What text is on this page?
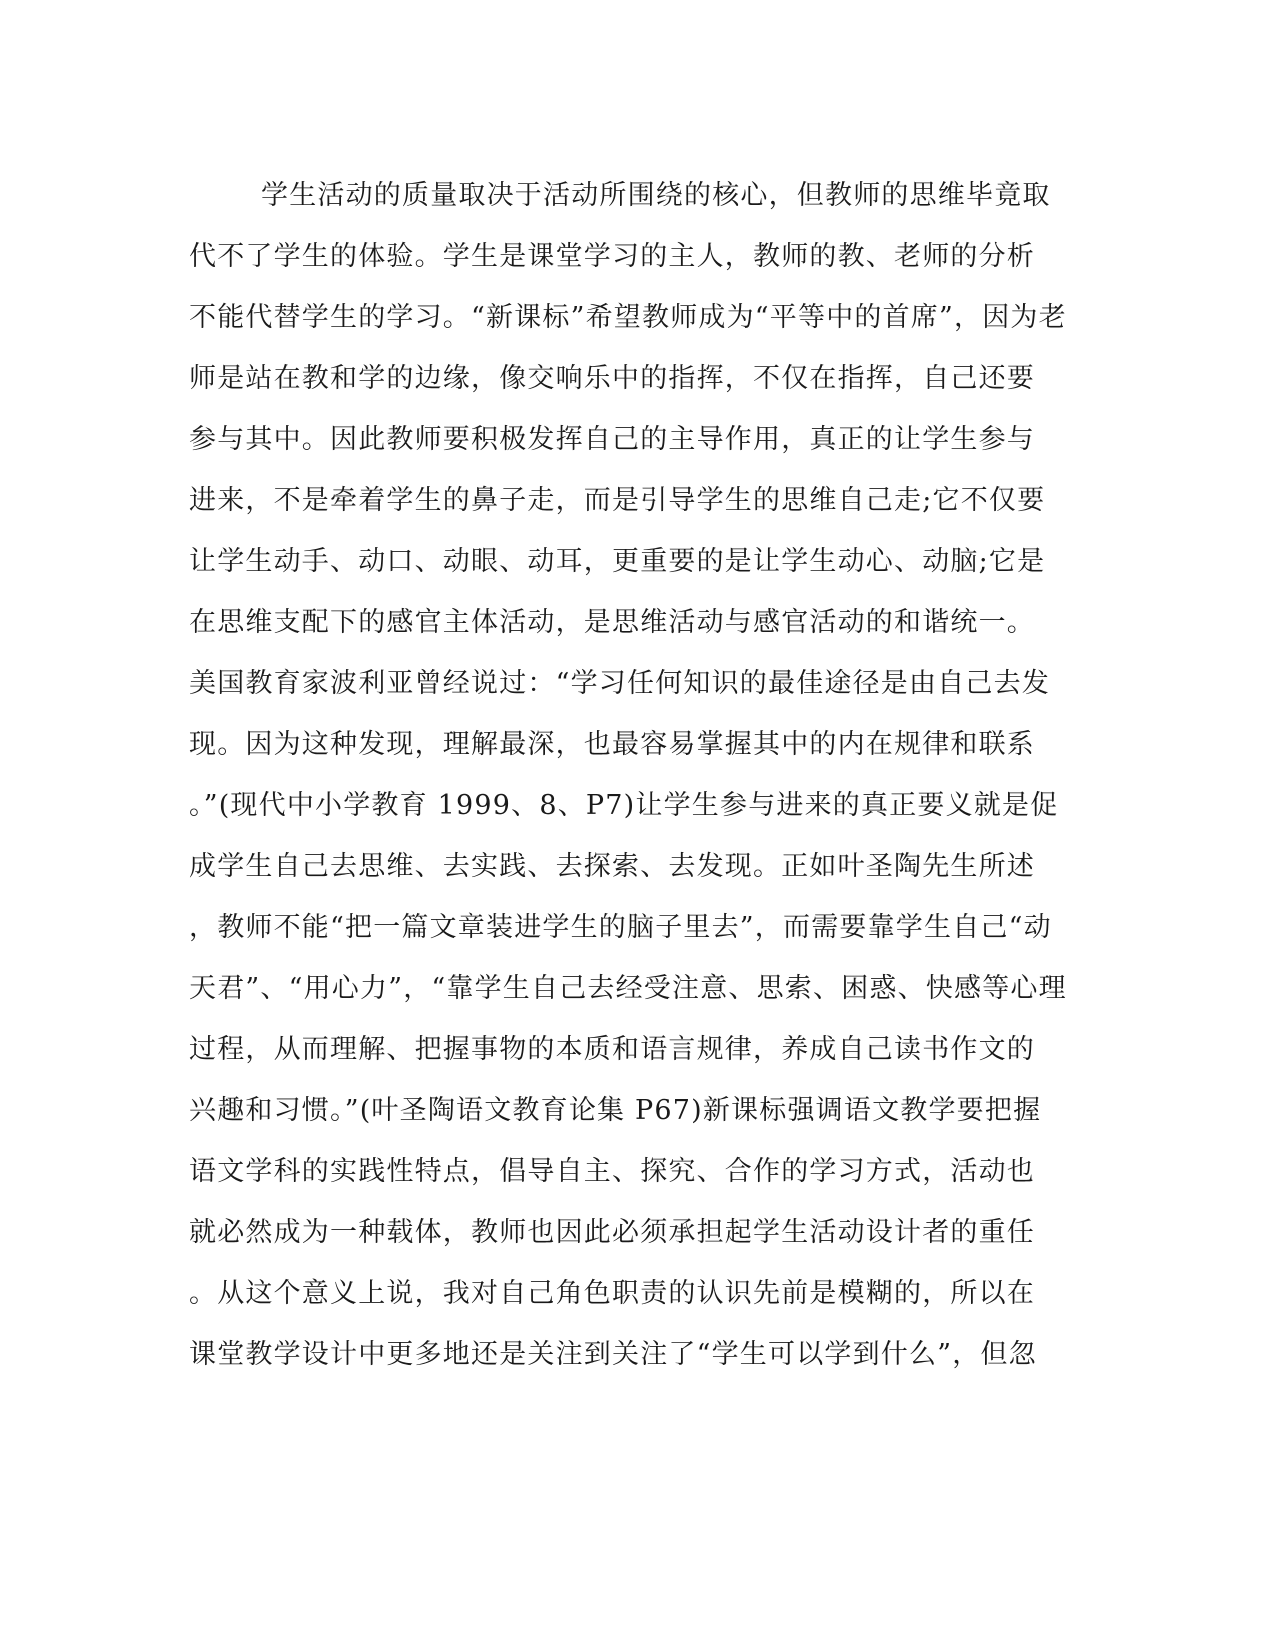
学生活动的质量取决于活动所围绕的核心，但教师的思维毕竟取
代不了学生的体验。学生是课堂学习的主人，教师的教、老师的分析
不能代替学生的学习。“新课标”希望教师成为“平等中的首席”，因为老
师是站在教和学的边缘，像交响乐中的指挥，不仅在指挥，自己还要
参与其中。因此教师要积极发挥自己的主导作用，真正的让学生参与
进来，不是牵着学生的鼻子走，而是引导学生的思维自己走;它不仅要
让学生动手、动口、动眼、动耳，更重要的是让学生动心、动脑;它是
在思维支配下的感官主体活动，是思维活动与感官活动的和谐统一。
美国教育家波利亚曾经说过：“学习任何知识的最佳途径是由自己去发
现。因为这种发现，理解最深，也最容易掌握其中的内在规律和联系
。”(现代中小学教育 1999、8、P7)让学生参与进来的真正要义就是促
成学生自己去思维、去实践、去探索、去发现。正如叶圣陶先生所述
，教师不能“把一篇文章装进学生的脑子里去”，而需要靠学生自己“动
天君”、“用心力”，“靠学生自己去经受注意、思索、困惑、快感等心理
过程，从而理解、把握事物的本质和语言规律，养成自己读书作文的
兴趣和习惯。”(叶圣陶语文教育论集 P67)新课标强调语文教学要把握
语文学科的实践性特点，倡导自主、探究、合作的学习方式，活动也
就必然成为一种载体，教师也因此必须承担起学生活动设计者的重任
。从这个意义上说，我对自己角色职责的认识先前是模糊的，所以在
课堂教学设计中更多地还是关注到关注了“学生可以学到什么”，但忽
